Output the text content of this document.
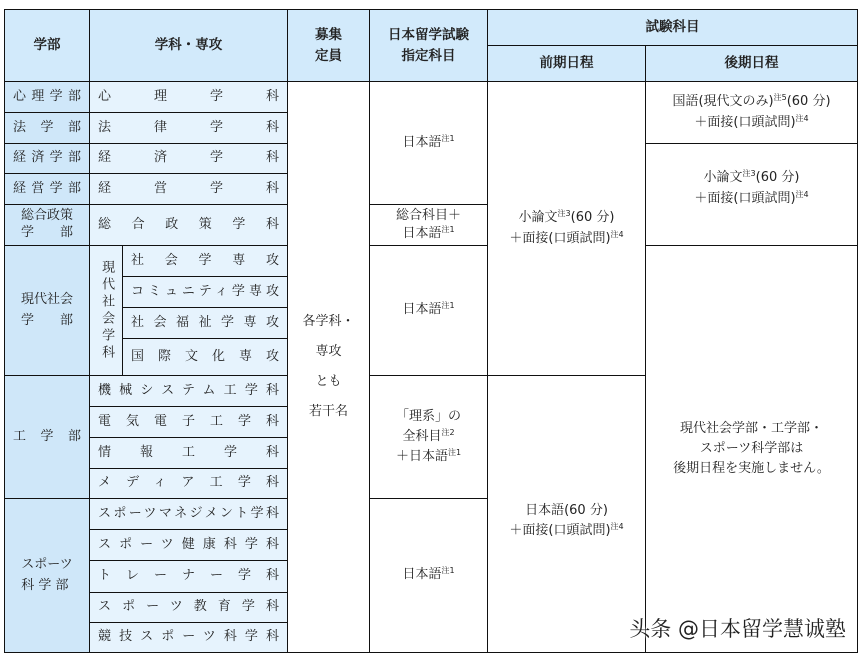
学部	学科・専攻
募集
定員
日本留学試験
指定科目
試験科目
前期日程	後期日程
心理学部
法 学 部
経済学部
経営学部
総合政策
学　　部
現代社会
学　　部
工 学 部
スポーツ
科 学 部
心理学科
法律学科
経済学科
経営学科
総合政策学科
現代社会学科 社会学専攻
コミュニティ学専攻
社会福祉学専攻
国際文化専攻
機械システム工学科
電気電子工学科
情報工学科
メディア工学科
スポーツマネジメント学科
スポーツ健康科学科
トレーナー学科
スポーツ教育学科
競技スポーツ科学科
各学科・
専攻
とも
若干名
日本語$^{注1}$
総合科目＋
日本語$^{注1}$
日本語$^{注1}$
「理系」の
全科目$^{注2}$
＋日本語$^{注1}$
日本語$^{注1}$
小論文$^{注3}$(60 分)
＋面接(口頭試問)$^{注4}$
日本語(60 分)
＋面接(口頭試問)$^{注4}$
国語(現代文のみ)$^{注5}$(60 分)
＋面接(口頭試問)$^{注4}$
小論文$^{注3}$(60 分)
＋面接(口頭試問)$^{注4}$
現代社会学部・工学部・
スポーツ科学部は
後期日程を実施しません。
头条 @日本留学慧诚塾
